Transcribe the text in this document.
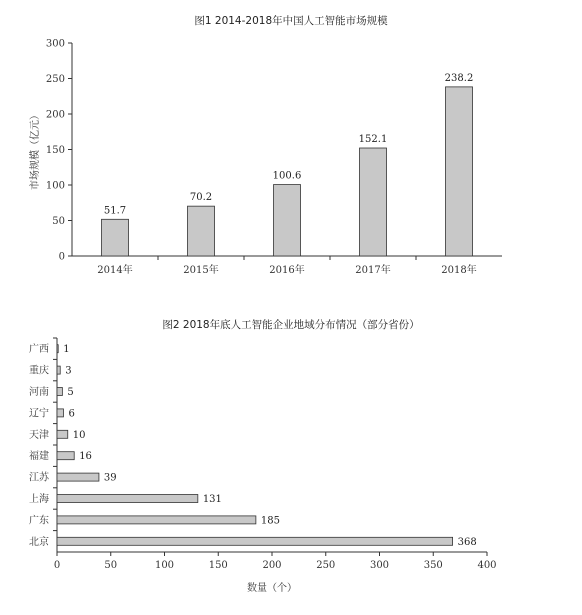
图1 2014-2018年中国人工智能市场规模
市场规模（亿元）
0
50
100
150
200
250
300
51.7
2014年
70.2
2015年
100.6
2016年
152.1
2017年
238.2
2018年
图2 2018年底人工智能企业地域分布情况（部分省份）
数量（个）
0	50	100	150	200	250	300	350	400
1
广西
3
重庆
5
河南
6
辽宁
10
天津
16
福建
39
江苏
131
上海
185
广东
368
北京
